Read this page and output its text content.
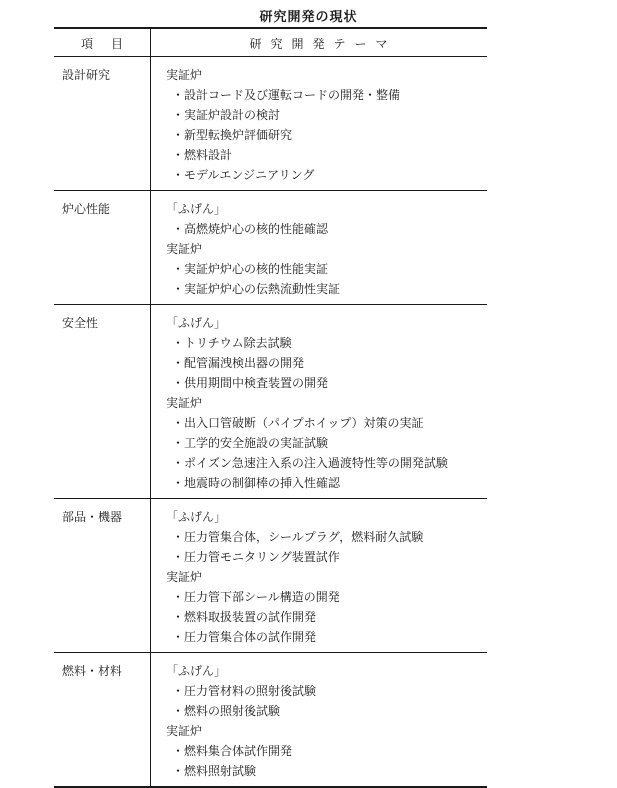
研究開発の現状
項目	研究開発テーマ
設計研究	実証炉
・設計コード及び運転コードの開発・整備
・実証炉設計の検討
・新型転換炉評価研究
・燃料設計
・モデルエンジニアリング
炉心性能	「ふげん」
・高燃焼炉心の核的性能確認
実証炉
・実証炉炉心の核的性能実証
・実証炉炉心の伝熱流動性実証
安全性	「ふげん」
・トリチウム除去試験
・配管漏洩検出器の開発
・供用期間中検査装置の開発
実証炉
・出入口管破断（パイプホイップ）対策の実証
・工学的安全施設の実証試験
・ポイズン急速注入系の注入過渡特性等の開発試験
・地震時の制御棒の挿入性確認
部品・機器	「ふげん」
・圧力管集合体，シールプラグ，燃料耐久試験
・圧力管モニタリング装置試作
実証炉
・圧力管下部シール構造の開発
・燃料取扱装置の試作開発
・圧力管集合体の試作開発
燃料・材料	「ふげん」
・圧力管材料の照射後試験
・燃料の照射後試験
実証炉
・燃料集合体試作開発
・燃料照射試験
